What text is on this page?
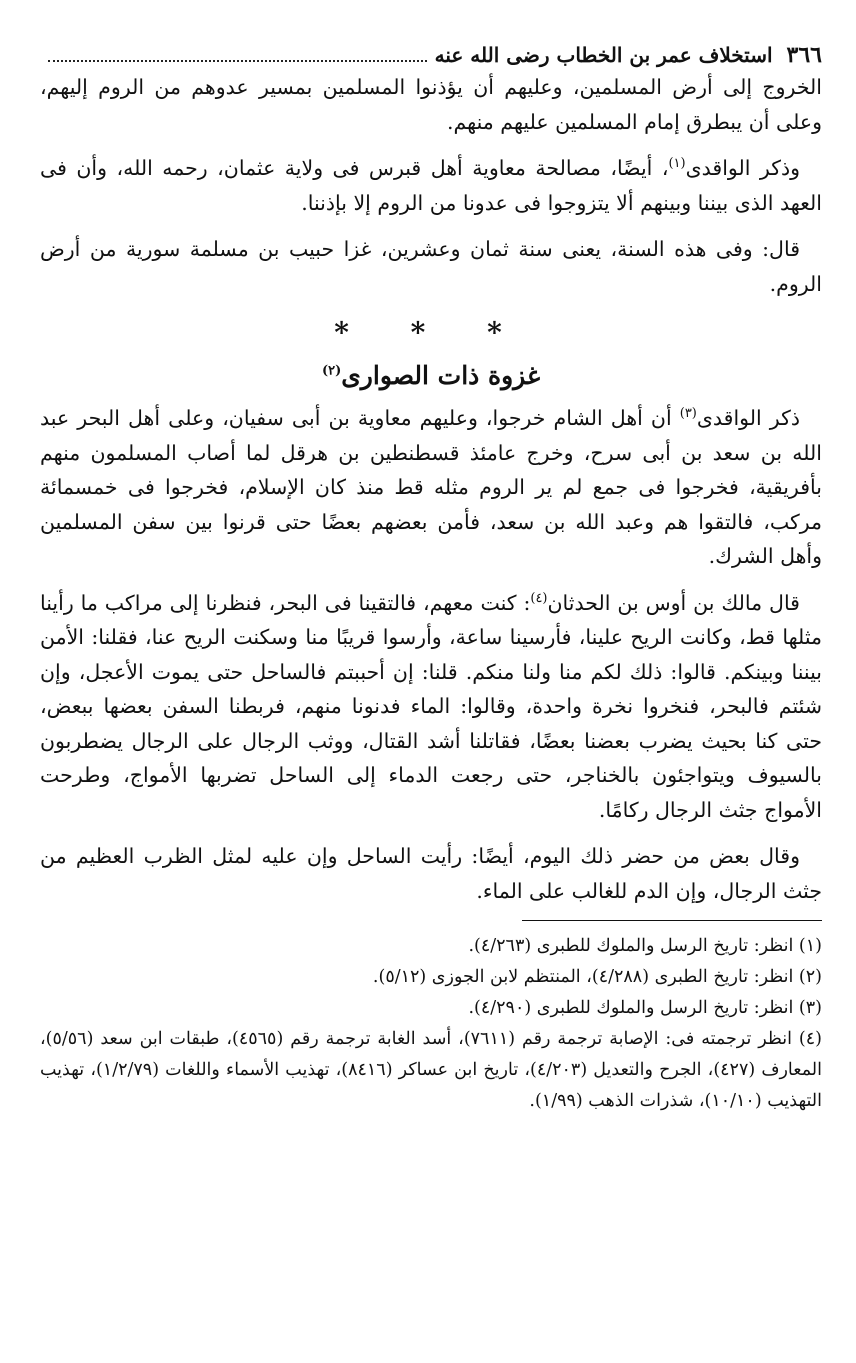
٣٦٦
استخلاف عمر بن الخطاب رضى الله عنه

الخروج إلى أرض المسلمين، وعليهم أن يؤذنوا المسلمين بمسير عدوهم من الروم إليهم، وعلى أن يبطرق إمام المسلمين عليهم منهم.

وذكر الواقدى$^{(١)}$، أيضًا، مصالحة معاوية أهل قبرس فى ولاية عثمان، رحمه الله، وأن فى العهد الذى بيننا وبينهم ألا يتزوجوا فى عدونا من الروم إلا بإذننا.

قال: وفى هذه السنة، يعنى سنة ثمان وعشرين، غزا حبيب بن مسلمة سورية من أرض الروم.

* * *
غزوة ذات الصوارى$^{(٢)}$

ذكر الواقدى$^{(٣)}$ أن أهل الشام خرجوا، وعليهم معاوية بن أبى سفيان، وعلى أهل البحر عبد الله بن سعد بن أبى سرح، وخرج عامئذ قسطنطين بن هرقل لما أصاب المسلمون منهم بأفريقية، فخرجوا فى جمع لم ير الروم مثله قط منذ كان الإسلام، فخرجوا فى خمسمائة مركب، فالتقوا هم وعبد الله بن سعد، فأمن بعضهم بعضًا حتى قرنوا بين سفن المسلمين وأهل الشرك.

قال مالك بن أوس بن الحدثان$^{(٤)}$: كنت معهم، فالتقينا فى البحر، فنظرنا إلى مراكب ما رأينا مثلها قط، وكانت الريح علينا، فأرسينا ساعة، وأرسوا قريبًا منا وسكنت الريح عنا، فقلنا: الأمن بيننا وبينكم. قالوا: ذلك لكم منا ولنا منكم. قلنا: إن أحببتم فالساحل حتى يموت الأعجل، وإن شئتم فالبحر، فنخروا نخرة واحدة، وقالوا: الماء فدنونا منهم، فربطنا السفن بعضها ببعض، حتى كنا بحيث يضرب بعضنا بعضًا، فقاتلنا أشد القتال، ووثب الرجال على الرجال يضطربون بالسيوف ويتواجئون بالخناجر، حتى رجعت الدماء إلى الساحل تضربها الأمواج، وطرحت الأمواج جثث الرجال ركامًا.

وقال بعض من حضر ذلك اليوم، أيضًا: رأيت الساحل وإن عليه لمثل الظرب العظيم من جثث الرجال، وإن الدم للغالب على الماء.

(١) انظر: تاريخ الرسل والملوك للطبرى (٤/٢٦٣).

(٢) انظر: تاريخ الطبرى (٤/٢٨٨)، المنتظم لابن الجوزى (٥/١٢).

(٣) انظر: تاريخ الرسل والملوك للطبرى (٤/٢٩٠).

(٤) انظر ترجمته فى: الإصابة ترجمة رقم (٧٦١١)، أسد الغابة ترجمة رقم (٤٥٦٥)، طبقات ابن سعد (٥/٥٦)، المعارف (٤٢٧)، الجرح والتعديل (٤/٢٠٣)، تاريخ ابن عساكر (٨٤١٦)، تهذيب الأسماء واللغات (١/٢/٧٩)، تهذيب التهذيب (١٠/١٠)، شذرات الذهب (١/٩٩).
